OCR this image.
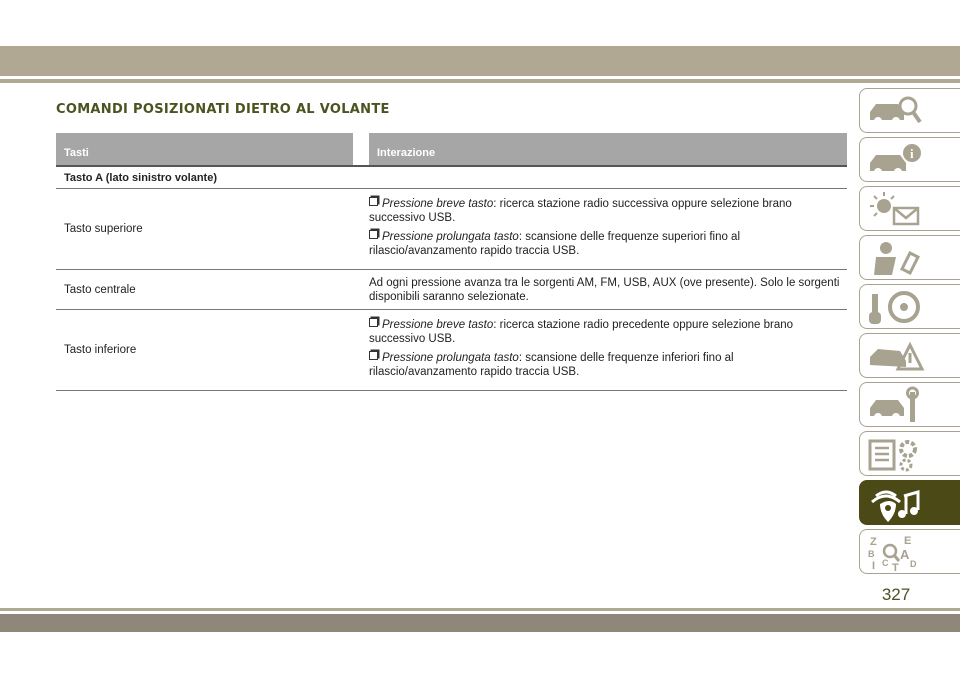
COMANDI POSIZIONATI DIETRO AL VOLANTE
Tasti	Interazione
Tasto A (lato sinistro volante)
Tasto superiore

Pressione breve tasto: ricerca stazione radio successiva oppure selezione brano successivo USB.

Pressione prolungata tasto: scansione delle frequenze superiori fino al rilascio/avanzamento rapido traccia USB.

Tasto centrale

Ad ogni pressione avanza tra le sorgenti AM, FM, USB, AUX (ove presente). Solo le sorgenti disponibili saranno selezionate.

Tasto inferiore

Pressione breve tasto: ricerca stazione radio precedente oppure selezione brano successivo USB.

Pressione prolungata tasto: scansione delle frequenze inferiori fino al rilascio/avanzamento rapido traccia USB.

i
Z E
B A
I C T D

327
